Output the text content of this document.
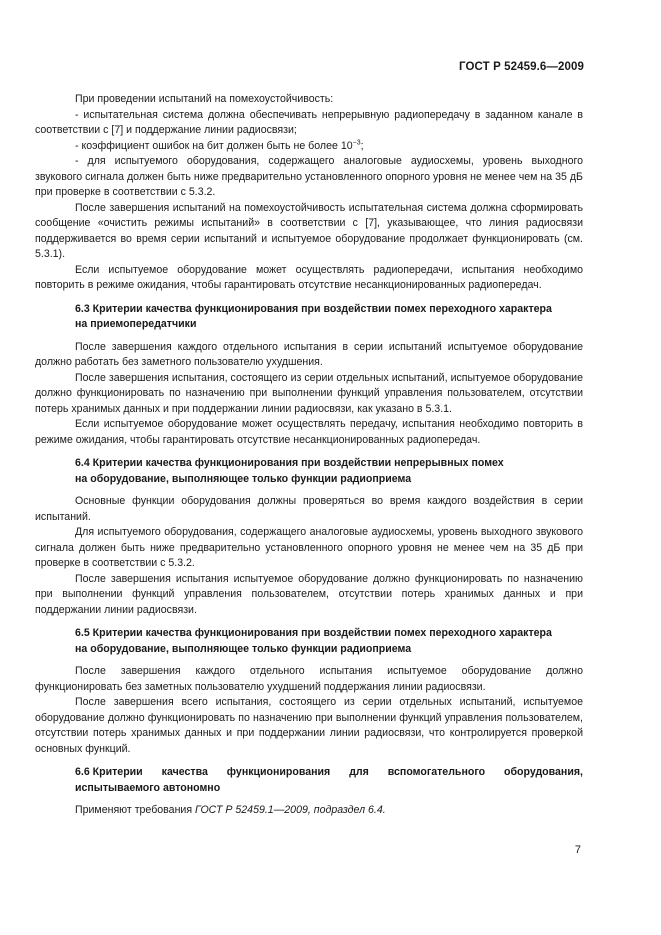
ГОСТ Р 52459.6—2009

При проведении испытаний на помехоустойчивость:

- испытательная система должна обеспечивать непрерывную радиопередачу в заданном канале в соответствии с [7] и поддержание линии радиосвязи;

- коэффициент ошибок на бит должен быть не более $10^{-3}$;

- для испытуемого оборудования, содержащего аналоговые аудиосхемы, уровень выходного звукового сигнала должен быть ниже предварительно установленного опорного уровня не менее чем на 35 дБ при проверке в соответствии с 5.3.2.

После завершения испытаний на помехоустойчивость испытательная система должна сформировать сообщение «очистить режимы испытаний» в соответствии с [7], указывающее, что линия радиосвязи поддерживается во время серии испытаний и испытуемое оборудование продолжает функционировать (см. 5.3.1).

Если испытуемое оборудование может осуществлять радиопередачи, испытания необходимо повторить в режиме ожидания, чтобы гарантировать отсутствие несанкционированных радиопередач.

6.3 Критерии качества функционирования при воздействии помех переходного характера
на приемопередатчики

После завершения каждого отдельного испытания в серии испытаний испытуемое оборудование должно работать без заметного пользователю ухудшения.

После завершения испытания, состоящего из серии отдельных испытаний, испытуемое оборудование должно функционировать по назначению при выполнении функций управления пользователем, отсутствии потерь хранимых данных и при поддержании линии радиосвязи, как указано в 5.3.1.

Если испытуемое оборудование может осуществлять передачу, испытания необходимо повторить в режиме ожидания, чтобы гарантировать отсутствие несанкционированных радиопередач.

6.4 Критерии качества функционирования при воздействии непрерывных помех
на оборудование, выполняющее только функции радиоприема

Основные функции оборудования должны проверяться во время каждого воздействия в серии испытаний.

Для испытуемого оборудования, содержащего аналоговые аудиосхемы, уровень выходного звукового сигнала должен быть ниже предварительно установленного опорного уровня не менее чем на 35 дБ при проверке в соответствии с 5.3.2.

После завершения испытания испытуемое оборудование должно функционировать по назначению при выполнении функций управления пользователем, отсутствии потерь хранимых данных и при поддержании линии радиосвязи.

6.5 Критерии качества функционирования при воздействии помех переходного характера
на оборудование, выполняющее только функции радиоприема

После завершения каждого отдельного испытания испытуемое оборудование должно функционировать без заметных пользователю ухудшений поддержания линии радиосвязи.

После завершения всего испытания, состоящего из серии отдельных испытаний, испытуемое оборудование должно функционировать по назначению при выполнении функций управления пользователем, отсутствии потерь хранимых данных и при поддержании линии радиосвязи, что контролируется проверкой основных функций.

6.6 Критерии качества функционирования для вспомогательного оборудования,
испытываемого автономно

Применяют требования ГОСТ Р 52459.1—2009, подраздел 6.4.

7
